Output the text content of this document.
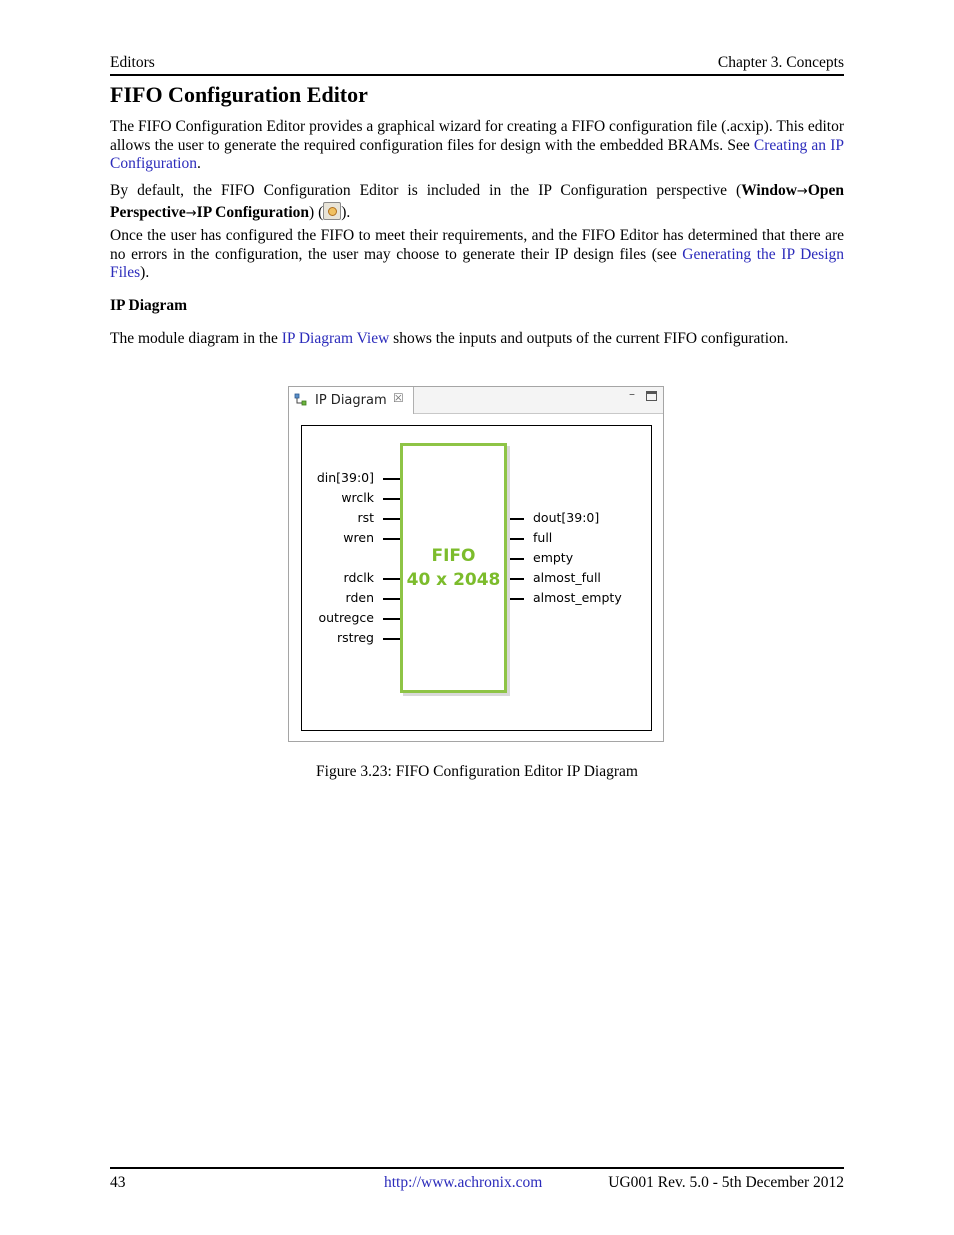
Editors	Chapter 3. Concepts
FIFO Configuration Editor

The FIFO Configuration Editor provides a graphical wizard for creating a FIFO configuration file (.acxip). This editor allows the user to generate the required configuration files for design with the embedded BRAMs. See Creating an IP Configuration.

By default, the FIFO Configuration Editor is included in the IP Configuration perspective (Window→Open Perspective→IP Configuration) ( ).

Once the user has configured the FIFO to meet their requirements, and the FIFO Editor has determined that there are no errors in the configuration, the user may choose to generate their IP design files (see Generating the IP Design Files).

IP Diagram

The module diagram in the IP Diagram View shows the inputs and outputs of the current FIFO configuration.

IP Diagram ☒	–
din[39:0]
wrclk
rst
wren
rdclk
rden
outregce
rstreg
dout[39:0]
full
empty
almost_full
almost_empty
FIFO
40 x 2048
Figure 3.23: FIFO Configuration Editor IP Diagram
43	http://www.achronix.com	UG001 Rev. 5.0 - 5th December 2012
